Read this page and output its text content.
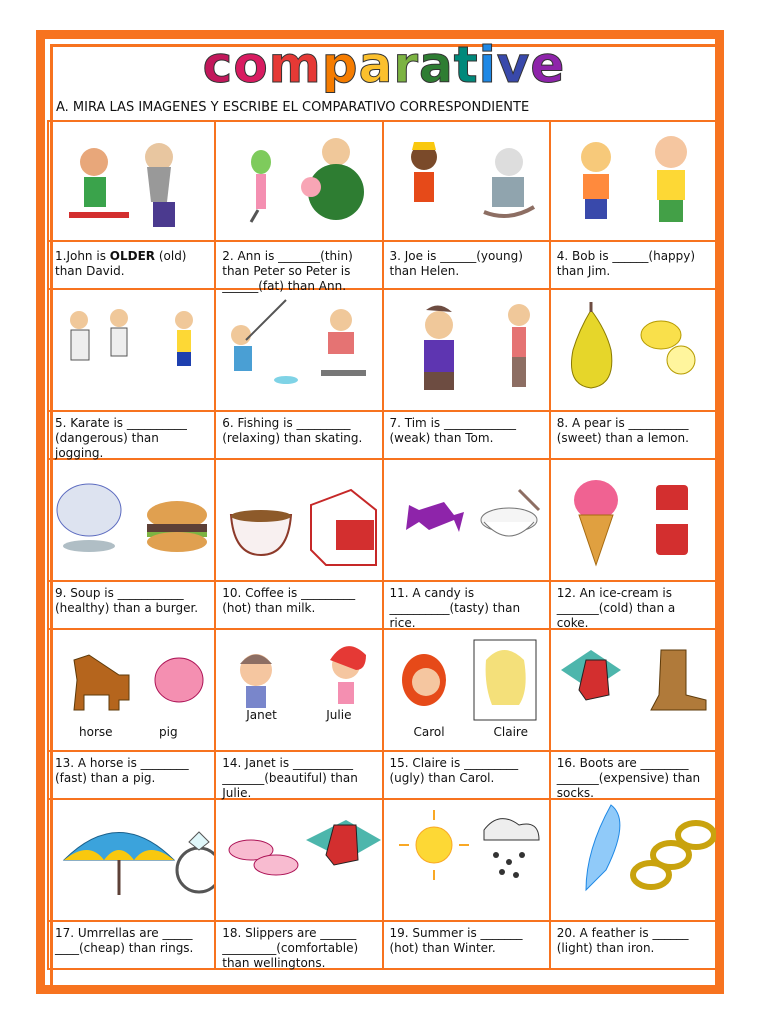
comparative
A. MIRA LAS IMAGENES Y ESCRIBE EL COMPARATIVO CORRESPONDIENTE
1.John is OLDER (old) than David.
2. Ann is _______(thin) than Peter so Peter is ______(fat) than Ann.
3. Joe is ______(young) than Helen.
4. Bob is ______(happy) than Jim.
5. Karate is __________ (dangerous) than jogging.
6. Fishing is _________ (relaxing) than skating.
7. Tim is ____________ (weak) than Tom.
8. A pear is __________ (sweet) than a lemon.
9. Soup is ___________ (healthy) than a burger.
10. Coffee is _________ (hot) than milk.
11. A candy is __________(tasty) than rice.
12. An ice-cream is _______(cold) than a coke.
horse	pig
13. A horse is ________ (fast) than a pig.
Janet	Julie
14. Janet is __________ _______(beautiful) than Julie.
Carol	Claire
15. Claire is _________ (ugly) than Carol.
16. Boots are ________ _______(expensive) than socks.
17. Umrrellas are _____ ____(cheap) than rings.
18. Slippers are ______ _________(comfortable) than wellingtons.
19. Summer is _______ (hot) than Winter.
20. A feather is ______ (light) than iron.
